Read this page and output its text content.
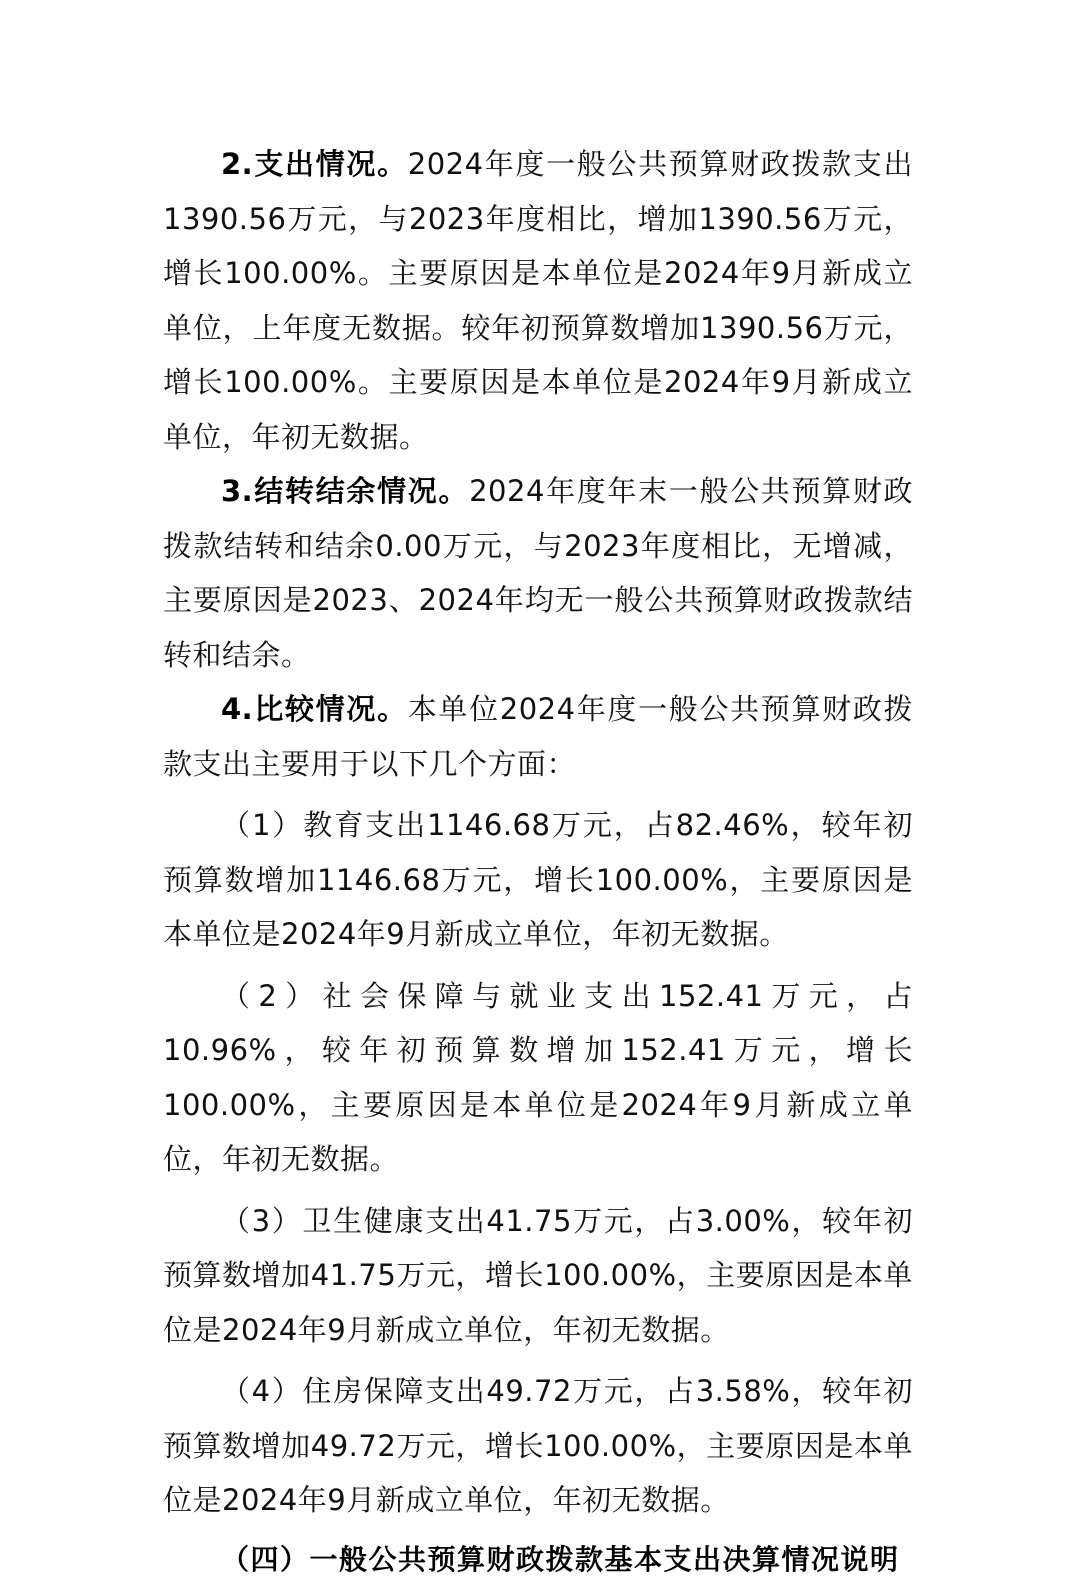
2.支出情况。2024年度一般公共预算财政拨款支出1390.56万元，与2023年度相比，增加1390.56万元，增长100.00%。主要原因是本单位是2024年9月新成立单位，上年度无数据。较年初预算数增加1390.56万元，增长100.00%。主要原因是本单位是2024年9月新成立单位，年初无数据。

3.结转结余情况。2024年度年末一般公共预算财政拨款结转和结余0.00万元，与2023年度相比，无增减，主要原因是2023、2024年均无一般公共预算财政拨款结转和结余。

4.比较情况。本单位2024年度一般公共预算财政拨款支出主要用于以下几个方面：

（1）教育支出1146.68万元，占82.46%，较年初预算数增加1146.68万元，增长100.00%，主要原因是本单位是2024年9月新成立单位，年初无数据。

（2）社会保障与就业支出152.41万元，占10.96%，较年初预算数增加152.41万元，增长100.00%，主要原因是本单位是2024年9月新成立单位，年初无数据。

（3）卫生健康支出41.75万元，占3.00%，较年初预算数增加41.75万元，增长100.00%，主要原因是本单位是2024年9月新成立单位，年初无数据。

（4）住房保障支出49.72万元，占3.58%，较年初预算数增加49.72万元，增长100.00%，主要原因是本单位是2024年9月新成立单位，年初无数据。

（四）一般公共预算财政拨款基本支出决算情况说明
